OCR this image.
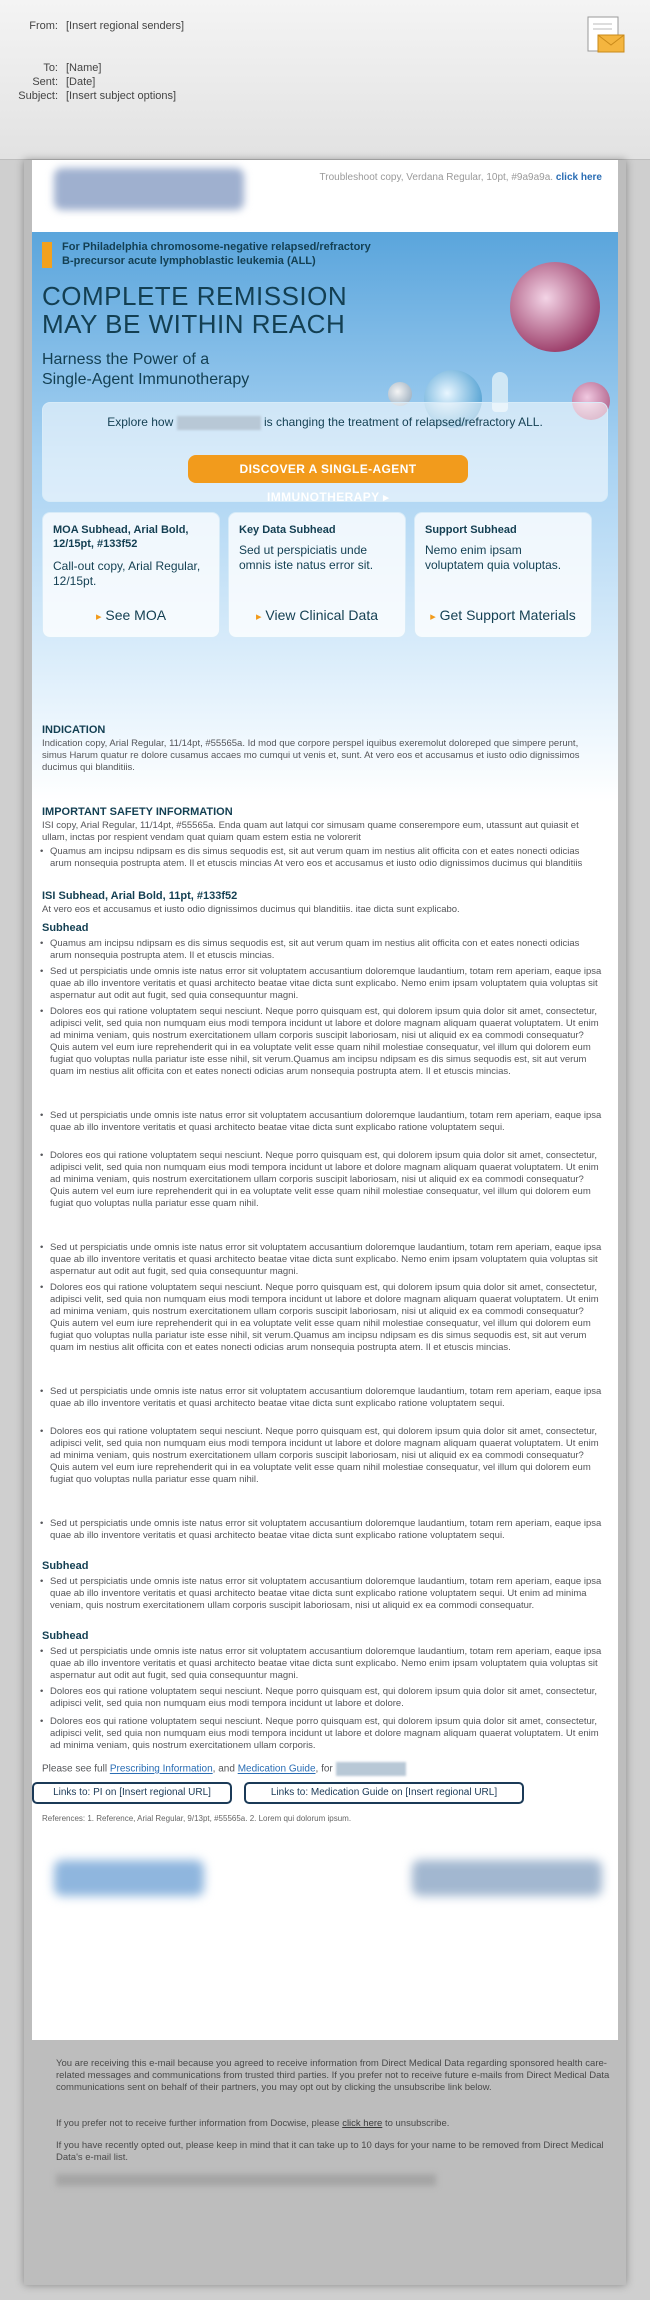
From: [Insert regional senders]
To: [Name]
Sent: [Date]
Subject: [Insert subject options]
Troubleshoot copy, Verdana Regular, 10pt, #9a9a9a. click here
For Philadelphia chromosome-negative relapsed/refractory
B-precursor acute lymphoblastic leukemia (ALL)
COMPLETE REMISSION
MAY BE WITHIN REACH
Harness the Power of a
Single-Agent Immunotherapy
Explore how	is changing the treatment of relapsed/refractory ALL.
DISCOVER A SINGLE-AGENT IMMUNOTHERAPY ▸
MOA Subhead, Arial Bold, 12/15pt, #133f52
Call-out copy, Arial Regular, 12/15pt.
▸ See MOA
Key Data Subhead
Sed ut perspiciatis unde omnis iste natus error sit.
▸ View Clinical Data
Support Subhead
Nemo enim ipsam voluptatem quia voluptas.
▸ Get Support Materials
INDICATION
Indication copy, Arial Regular, 11/14pt, #55565a. Id mod que corpore perspel iquibus exeremolut doloreped que simpere perunt, simus Harum quatur re dolore cusamus accaes mo cumqui ut venis et, sunt. At vero eos et accusamus et iusto odio dignissimos ducimus qui blanditiis.
IMPORTANT SAFETY INFORMATION
ISI copy, Arial Regular, 11/14pt, #55565a. Enda quam aut latqui cor simusam quame conserempore eum, utassunt aut quiasit et ullam, inctas por respient vendam quat quiam quam estem estia ne volorerit
• Quamus am incipsu ndipsam es dis simus sequodis est, sit aut verum quam im nestius alit officita con et eates nonecti odicias arum nonsequia postrupta atem. Il et etuscis mincias At vero eos et accusamus et iusto odio dignissimos ducimus qui blanditiis
ISI Subhead, Arial Bold, 11pt, #133f52
At vero eos et accusamus et iusto odio dignissimos ducimus qui blanditiis. itae dicta sunt explicabo.
Subhead
• Quamus am incipsu ndipsam es dis simus sequodis est, sit aut verum quam im nestius alit officita con et eates nonecti odicias arum nonsequia postrupta atem. Il et etuscis mincias.
• Sed ut perspiciatis unde omnis iste natus error sit voluptatem accusantium doloremque laudantium, totam rem aperiam, eaque ipsa quae ab illo inventore veritatis et quasi architecto beatae vitae dicta sunt explicabo. Nemo enim ipsam voluptatem quia voluptas sit aspernatur aut odit aut fugit, sed quia consequuntur magni.
• Dolores eos qui ratione voluptatem sequi nesciunt. Neque porro quisquam est, qui dolorem ipsum quia dolor sit amet, consectetur, adipisci velit, sed quia non numquam eius modi tempora incidunt ut labore et dolore magnam aliquam quaerat voluptatem. Ut enim ad minima veniam, quis nostrum exercitationem ullam corporis suscipit laboriosam, nisi ut aliquid ex ea commodi consequatur? Quis autem vel eum iure reprehenderit qui in ea voluptate velit esse quam nihil molestiae consequatur, vel illum qui dolorem eum fugiat quo voluptas nulla pariatur iste esse nihil, sit verum.Quamus am incipsu ndipsam es dis simus sequodis est, sit aut verum quam im nestius alit officita con et eates nonecti odicias arum nonsequia postrupta atem. Il et etuscis mincias.
• Sed ut perspiciatis unde omnis iste natus error sit voluptatem accusantium doloremque laudantium, totam rem aperiam, eaque ipsa quae ab illo inventore veritatis et quasi architecto beatae vitae dicta sunt explicabo ratione voluptatem sequi.
• Dolores eos qui ratione voluptatem sequi nesciunt. Neque porro quisquam est, qui dolorem ipsum quia dolor sit amet, consectetur, adipisci velit, sed quia non numquam eius modi tempora incidunt ut labore et dolore magnam aliquam quaerat voluptatem. Ut enim ad minima veniam, quis nostrum exercitationem ullam corporis suscipit laboriosam, nisi ut aliquid ex ea commodi consequatur? Quis autem vel eum iure reprehenderit qui in ea voluptate velit esse quam nihil molestiae consequatur, vel illum qui dolorem eum fugiat quo voluptas nulla pariatur esse quam nihil.
• Sed ut perspiciatis unde omnis iste natus error sit voluptatem accusantium doloremque laudantium, totam rem aperiam, eaque ipsa quae ab illo inventore veritatis et quasi architecto beatae vitae dicta sunt explicabo. Nemo enim ipsam voluptatem quia voluptas sit aspernatur aut odit aut fugit, sed quia consequuntur magni.
• Dolores eos qui ratione voluptatem sequi nesciunt. Neque porro quisquam est, qui dolorem ipsum quia dolor sit amet, consectetur, adipisci velit, sed quia non numquam eius modi tempora incidunt ut labore et dolore magnam aliquam quaerat voluptatem. Ut enim ad minima veniam, quis nostrum exercitationem ullam corporis suscipit laboriosam, nisi ut aliquid ex ea commodi consequatur? Quis autem vel eum iure reprehenderit qui in ea voluptate velit esse quam nihil molestiae consequatur, vel illum qui dolorem eum fugiat quo voluptas nulla pariatur iste esse nihil, sit verum.Quamus am incipsu ndipsam es dis simus sequodis est, sit aut verum quam im nestius alit officita con et eates nonecti odicias arum nonsequia postrupta atem. Il et etuscis mincias.
• Sed ut perspiciatis unde omnis iste natus error sit voluptatem accusantium doloremque laudantium, totam rem aperiam, eaque ipsa quae ab illo inventore veritatis et quasi architecto beatae vitae dicta sunt explicabo ratione voluptatem sequi.
• Dolores eos qui ratione voluptatem sequi nesciunt. Neque porro quisquam est, qui dolorem ipsum quia dolor sit amet, consectetur, adipisci velit, sed quia non numquam eius modi tempora incidunt ut labore et dolore magnam aliquam quaerat voluptatem. Ut enim ad minima veniam, quis nostrum exercitationem ullam corporis suscipit laboriosam, nisi ut aliquid ex ea commodi consequatur? Quis autem vel eum iure reprehenderit qui in ea voluptate velit esse quam nihil molestiae consequatur, vel illum qui dolorem eum fugiat quo voluptas nulla pariatur esse quam nihil.
• Sed ut perspiciatis unde omnis iste natus error sit voluptatem accusantium doloremque laudantium, totam rem aperiam, eaque ipsa quae ab illo inventore veritatis et quasi architecto beatae vitae dicta sunt explicabo ratione voluptatem sequi.
Subhead
• Sed ut perspiciatis unde omnis iste natus error sit voluptatem accusantium doloremque laudantium, totam rem aperiam, eaque ipsa quae ab illo inventore veritatis et quasi architecto beatae vitae dicta sunt explicabo ratione voluptatem sequi. Ut enim ad minima veniam, quis nostrum exercitationem ullam corporis suscipit laboriosam, nisi ut aliquid ex ea commodi consequatur.
Subhead
• Sed ut perspiciatis unde omnis iste natus error sit voluptatem accusantium doloremque laudantium, totam rem aperiam, eaque ipsa quae ab illo inventore veritatis et quasi architecto beatae vitae dicta sunt explicabo. Nemo enim ipsam voluptatem quia voluptas sit aspernatur aut odit aut fugit, sed quia consequuntur magni.
• Dolores eos qui ratione voluptatem sequi nesciunt. Neque porro quisquam est, qui dolorem ipsum quia dolor sit amet, consectetur, adipisci velit, sed quia non numquam eius modi tempora incidunt ut labore et dolore.
• Dolores eos qui ratione voluptatem sequi nesciunt. Neque porro quisquam est, qui dolorem ipsum quia dolor sit amet, consectetur, adipisci velit, sed quia non numquam eius modi tempora incidunt ut labore et dolore magnam aliquam quaerat voluptatem. Ut enim ad minima veniam, quis nostrum exercitationem ullam corporis.
Please see full Prescribing Information, and Medication Guide, for
Links to: PI on [Insert regional URL]	Links to: Medication Guide on [Insert regional URL]
References: 1. Reference, Arial Regular, 9/13pt, #55565a. 2. Lorem qui dolorum ipsum.
You are receiving this e-mail because you agreed to receive information from Direct Medical Data regarding sponsored health care-related messages and communications from trusted third parties. If you prefer not to receive future e-mails from Direct Medical Data communications sent on behalf of their partners, you may opt out by clicking the unsubscribe link below.
If you prefer not to receive further information from Docwise, please click here to unsubscribe.
If you have recently opted out, please keep in mind that it can take up to 10 days for your name to be removed from Direct Medical Data's e-mail list.
